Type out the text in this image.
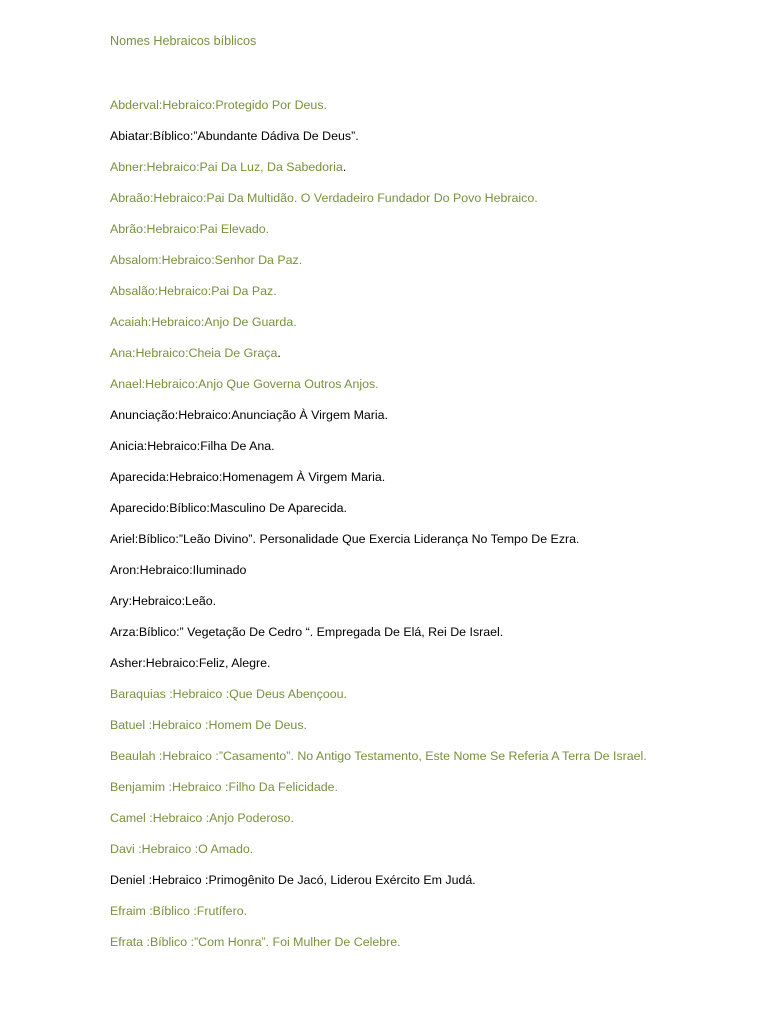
Nomes Hebraicos bíblicos

Abderval:Hebraico:Protegido Por Deus.

Abiatar:Bíblico:”Abundante Dádiva De Deus”.

Abner:Hebraico:Pai Da Luz, Da Sabedoria.

Abraão:Hebraico:Pai Da Multidão. O Verdadeiro Fundador Do Povo Hebraico.

Abrão:Hebraico:Pai Elevado.

Absalom:Hebraico:Senhor Da Paz.

Absalão:Hebraico:Pai Da Paz.

Acaiah:Hebraico:Anjo De Guarda.

Ana:Hebraico:Cheia De Graça.

Anael:Hebraico:Anjo Que Governa Outros Anjos.

Anunciação:Hebraico:Anunciação À Virgem Maria.

Anicia:Hebraico:Filha De Ana.

Aparecida:Hebraico:Homenagem À Virgem Maria.

Aparecido:Bíblico:Masculino De Aparecida.

Ariel:Bíblico:”Leão Divino”. Personalidade Que Exercia Liderança No Tempo De Ezra.

Aron:Hebraico:Iluminado

Ary:Hebraico:Leão.

Arza:Bíblico:” Vegetação De Cedro “. Empregada De Elá, Rei De Israel.

Asher:Hebraico:Feliz, Alegre.

Baraquias :Hebraico :Que Deus Abençoou.

Batuel :Hebraico :Homem De Deus.

Beaulah :Hebraico :”Casamento”. No Antigo Testamento, Este Nome Se Referia A Terra De Israel.

Benjamim :Hebraico :Filho Da Felicidade.

Camel :Hebraico :Anjo Poderoso.

Davi :Hebraico :O Amado.

Deniel :Hebraico :Primogênito De Jacó, Liderou Exército Em Judá.

Efraim :Bíblico :Frutífero.

Efrata :Bíblico :”Com Honra”. Foi Mulher De Celebre.
